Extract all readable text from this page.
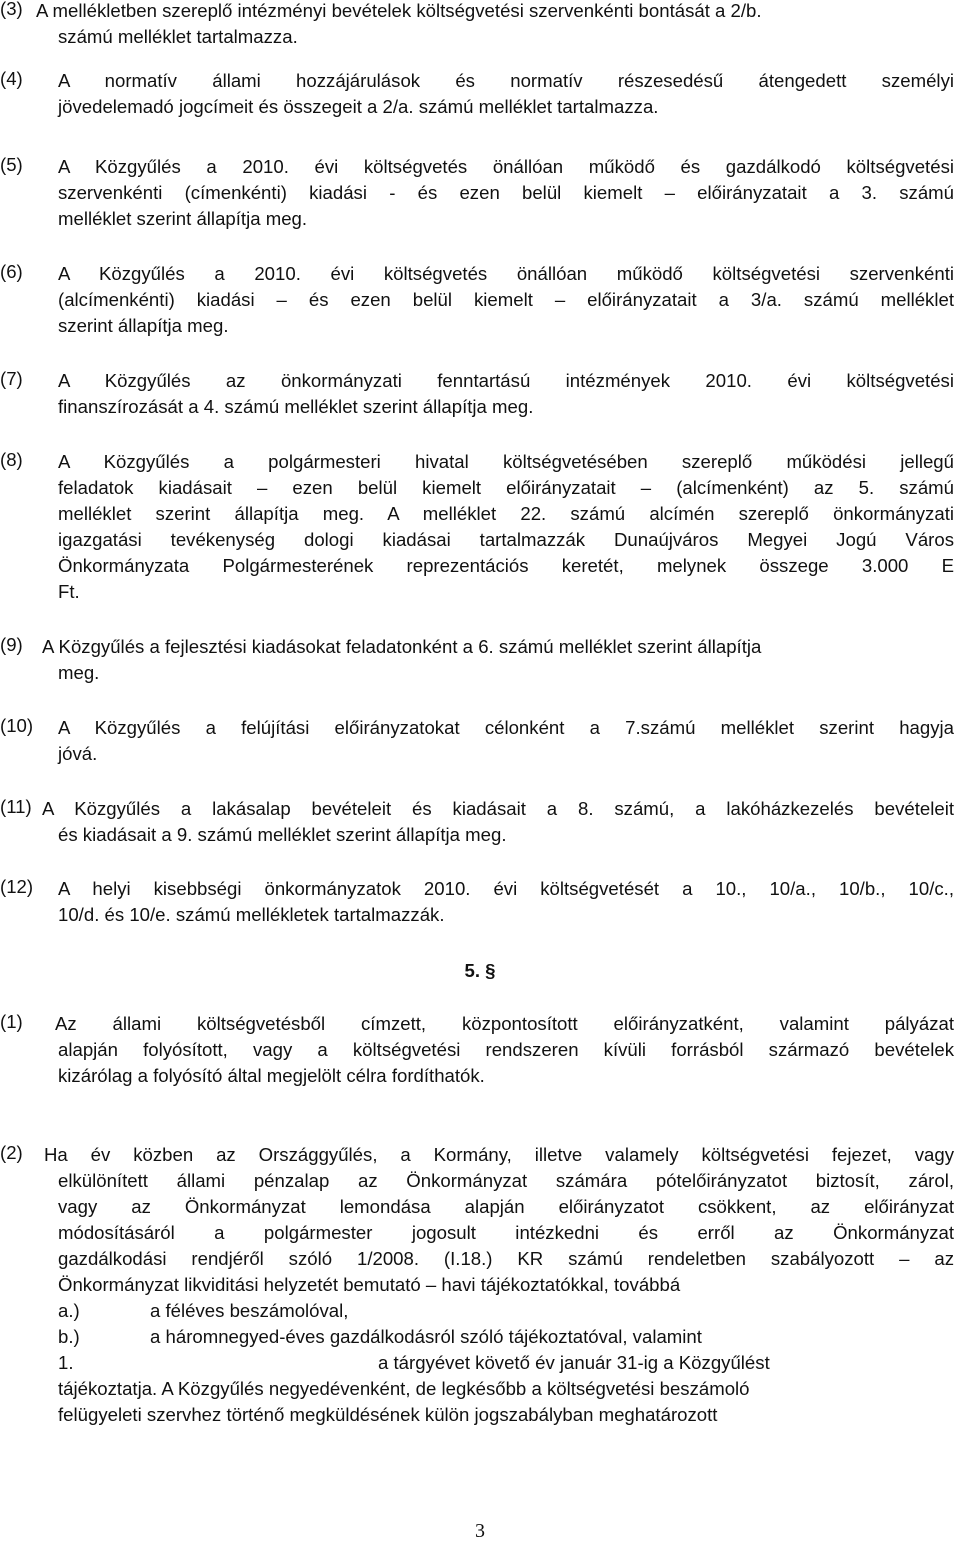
(3) A mellékletben szereplő intézményi bevételek költségvetési szervenkénti bontását a 2/b.
számú melléklet tartalmazza.
(4) A normatív állami hozzájárulások és normatív részesedésű átengedett személyi
jövedelemadó jogcímeit és összegeit a 2/a. számú melléklet tartalmazza.
(5) A Közgyűlés a 2010. évi költségvetés önállóan működő és gazdálkodó költségvetési
szervenkénti (címenkénti) kiadási - és ezen belül kiemelt – előirányzatait a 3. számú
melléklet szerint állapítja meg.
(6) A Közgyűlés a 2010. évi költségvetés önállóan működő költségvetési szervenkénti
(alcímenkénti) kiadási – és ezen belül kiemelt – előirányzatait a 3/a. számú melléklet
szerint állapítja meg.
(7) A Közgyűlés az önkormányzati fenntartású intézmények 2010. évi költségvetési
finanszírozását a 4. számú melléklet szerint állapítja meg.
(8) A Közgyűlés a polgármesteri hivatal költségvetésében szereplő működési jellegű
feladatok kiadásait – ezen belül kiemelt előirányzatait – (alcímenként) az 5. számú
melléklet szerint állapítja meg. A melléklet 22. számú alcímén szereplő önkormányzati
igazgatási tevékenység dologi kiadásai tartalmazzák Dunaújváros Megyei Jogú Város
Önkormányzata Polgármesterének reprezentációs keretét, melynek összege 3.000 E
Ft.
(9) A Közgyűlés a fejlesztési kiadásokat feladatonként a 6. számú melléklet szerint állapítja
meg.
(10) A Közgyűlés a felújítási előirányzatokat célonként a 7.számú melléklet szerint hagyja
jóvá.
(11) A Közgyűlés a lakásalap bevételeit és kiadásait a 8. számú, a lakóházkezelés bevételeit
és kiadásait a 9. számú melléklet szerint állapítja meg.
(12) A helyi kisebbségi önkormányzatok 2010. évi költségvetését a 10., 10/a., 10/b., 10/c.,
10/d. és 10/e. számú mellékletek tartalmazzák.
5. §
(1) Az állami költségvetésből címzett, központosított előirányzatként, valamint pályázat
alapján folyósított, vagy a költségvetési rendszeren kívüli forrásból származó bevételek
kizárólag a folyósító által megjelölt célra fordíthatók.
(2) Ha év közben az Országgyűlés, a Kormány, illetve valamely költségvetési fejezet, vagy
elkülönített állami pénzalap az Önkormányzat számára pótelőirányzatot biztosít, zárol,
vagy az Önkormányzat lemondása alapján előirányzatot csökkent, az előirányzat
módosításáról a polgármester jogosult intézkedni és erről az Önkormányzat
gazdálkodási rendjéről szóló 1/2008. (I.18.) KR számú rendeletben szabályozott – az
Önkormányzat likviditási helyzetét bemutató – havi tájékoztatókkal, továbbá
a.)	a féléves beszámolóval,
b.)	a háromnegyed-éves gazdálkodásról szóló tájékoztatóval, valamint
1.	a tárgyévet követő év január 31-ig a Közgyűlést
tájékoztatja. A Közgyűlés negyedévenként, de legkésőbb a költségvetési beszámoló
felügyeleti szervhez történő megküldésének külön jogszabályban meghatározott
3
